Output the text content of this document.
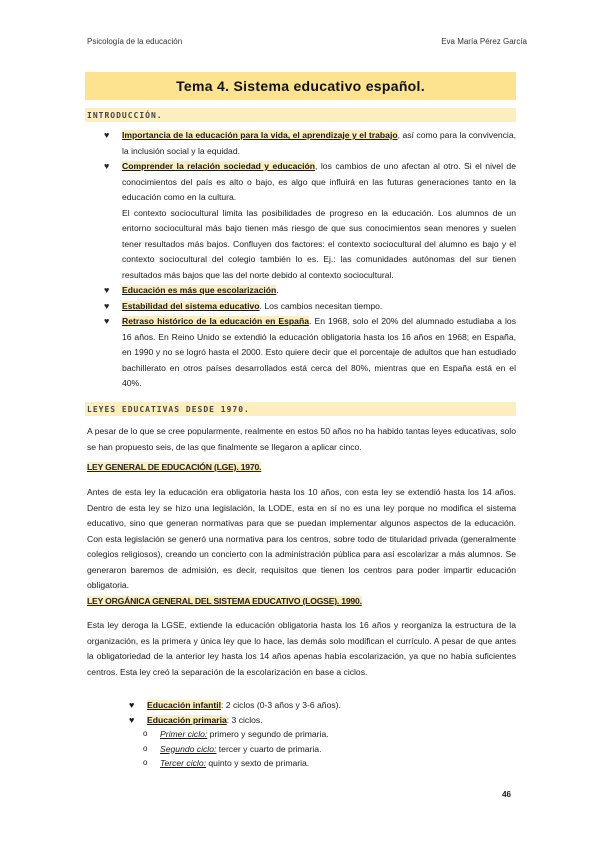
Psicología de la educación	Eva María Pérez García
Tema 4. Sistema educativo español.
INTRODUCCIÓN.
♥ Importancia de la educación para la vida, el aprendizaje y el trabajo, así como para la convivencia, la inclusión social y la equidad.
♥ Comprender la relación sociedad y educación, los cambios de uno afectan al otro. Si el nivel de conocimientos del país es alto o bajo, es algo que influirá en las futuras generaciones tanto en la educación como en la cultura.
El contexto sociocultural limita las posibilidades de progreso en la educación. Los alumnos de un entorno sociocultural más bajo tienen más riesgo de que sus conocimientos sean menores y suelen tener resultados más bajos. Confluyen dos factores: el contexto sociocultural del alumno es bajo y el contexto sociocultural del colegio también lo es. Ej.: las comunidades autónomas del sur tienen resultados más bajos que las del norte debido al contexto sociocultural.
♥ Educación es más que escolarización.
♥ Estabilidad del sistema educativo. Los cambios necesitan tiempo.
♥ Retraso histórico de la educación en España. En 1968, solo el 20% del alumnado estudiaba a los 16 años. En Reino Unido se extendió la educación obligatoria hasta los 16 años en 1968; en España, en 1990 y no se logró hasta el 2000. Esto quiere decir que el porcentaje de adultos que han estudiado bachillerato en otros países desarrollados está cerca del 80%, mientras que en España está en el 40%.
LEYES EDUCATIVAS DESDE 1970.

A pesar de lo que se cree popularmente, realmente en estos 50 años no ha habido tantas leyes educativas, solo se han propuesto seis, de las que finalmente se llegaron a aplicar cinco.

LEY GENERAL DE EDUCACIÓN (LGE). 1970.

Antes de esta ley la educación era obligatoria hasta los 10 años, con esta ley se extendió hasta los 14 años. Dentro de esta ley se hizo una legislación, la LODE, esta en sí no es una ley porque no modifica el sistema educativo, sino que generan normativas para que se puedan implementar algunos aspectos de la educación. Con esta legislación se generó una normativa para los centros, sobre todo de titularidad privada (generalmente colegios religiosos), creando un concierto con la administración pública para así escolarizar a más alumnos. Se generaron baremos de admisión, es decir, requisitos que tienen los centros para poder impartir educación obligatoria.

LEY ORGÁNICA GENERAL DEL SISTEMA EDUCATIVO (LOGSE). 1990.

Esta ley deroga la LGSE, extiende la educación obligatoria hasta los 16 años y reorganiza la estructura de la organización, es la primera y única ley que lo hace, las demás solo modifican el currículo. A pesar de que antes la obligatoriedad de la anterior ley hasta los 14 años apenas había escolarización, ya que no había suficientes centros. Esta ley creó la separación de la escolarización en base a ciclos.

♥ Educación infantil: 2 ciclos (0-3 años y 3-6 años).
♥ Educación primaria: 3 ciclos.
o Primer ciclo: primero y segundo de primaria.
o Segundo ciclo: tercer y cuarto de primaria.
o Tercer ciclo: quinto y sexto de primaria.
46
